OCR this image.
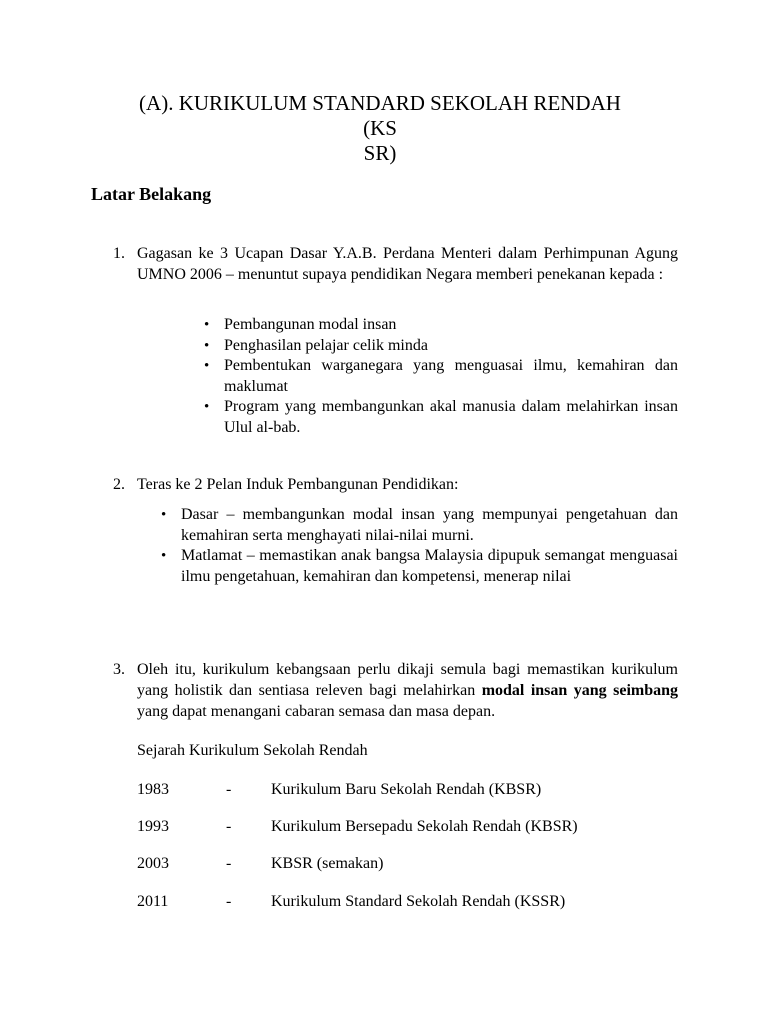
(A). KURIKULUM STANDARD SEKOLAH RENDAH
(KS
SR)
Latar Belakang
1. Gagasan ke 3 Ucapan Dasar Y.A.B. Perdana Menteri dalam Perhimpunan Agung UMNO 2006 – menuntut supaya pendidikan Negara memberi penekanan kepada :
• Pembangunan modal insan
• Penghasilan pelajar celik minda
• Pembentukan warganegara yang menguasai ilmu, kemahiran dan maklumat
• Program yang membangunkan akal manusia dalam melahirkan insan Ulul al-bab.
2. Teras ke 2 Pelan Induk Pembangunan Pendidikan:
• Dasar – membangunkan modal insan yang mempunyai pengetahuan dan kemahiran serta menghayati nilai-nilai murni.
• Matlamat – memastikan anak bangsa Malaysia dipupuk semangat menguasai ilmu pengetahuan, kemahiran dan kompetensi, menerap nilai
3. Oleh itu, kurikulum kebangsaan perlu dikaji semula bagi memastikan kurikulum yang holistik dan sentiasa releven bagi melahirkan modal insan yang seimbang yang dapat menangani cabaran semasa dan masa depan.
Sejarah Kurikulum Sekolah Rendah
1983	- Kurikulum Baru Sekolah Rendah (KBSR)
1993	- Kurikulum Bersepadu Sekolah Rendah (KBSR)
2003	- KBSR (semakan)
2011	- Kurikulum Standard Sekolah Rendah (KSSR)
